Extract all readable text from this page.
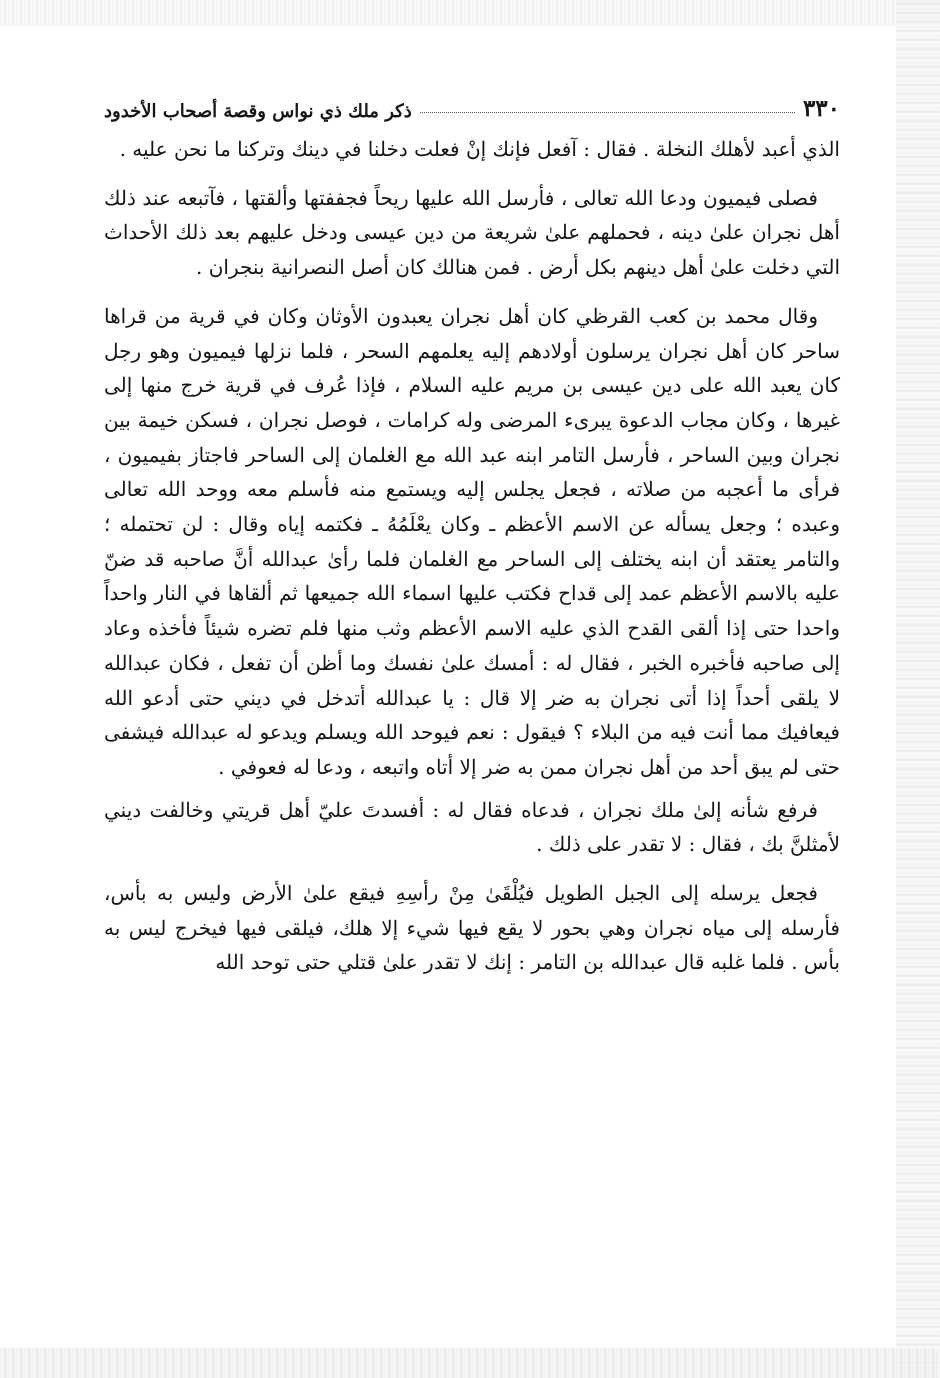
٣٣٠
ذكر ملك ذي نواس وقصة أصحاب الأخدود

الذي أعبد لأهلك النخلة . فقال : آفعل فإنك إنْ فعلت دخلنا في دينك وتركنا ما نحن عليه .

فصلى فيميون ودعا الله تعالى ، فأرسل الله عليها ريحاً فجففتها وألقتها ، فآتبعه عند ذلك أهل نجران علىٰ دينه ، فحملهم علىٰ شريعة من دين عيسى ودخل عليهم بعد ذلك الأحداث التي دخلت علىٰ أهل دينهم بكل أرض . فمن هنالك كان أصل النصرانية بنجران .

وقال محمد بن كعب القرظي كان أهل نجران يعبدون الأوثان وكان في قرية من قراها ساحر كان أهل نجران يرسلون أولادهم إليه يعلمهم السحر ، فلما نزلها فيميون وهو رجل كان يعبد الله على دين عيسى بن مريم عليه السلام ، فإذا عُرف في قرية خرج منها إلى غيرها ، وكان مجاب الدعوة يبرىء المرضى وله كرامات ، فوصل نجران ، فسكن خيمة بين نجران وبين الساحر ، فأرسل التامر ابنه عبد الله مع الغلمان إلى الساحر فاجتاز بفيميون ، فرأى ما أعجبه من صلاته ، فجعل يجلس إليه ويستمع منه فأسلم معه ووحد الله تعالى وعبده ؛ وجعل يسأله عن الاسم الأعظم ـ وكان يعْلَمُهُ ـ فكتمه إياه وقال : لن تحتمله ؛ والتامر يعتقد أن ابنه يختلف إلى الساحر مع الغلمان فلما رأىٰ عبدالله أنَّ صاحبه قد ضنّ عليه بالاسم الأعظم عمد إلى قداح فكتب عليها اسماء الله جميعها ثم ألقاها في النار واحداً واحدا حتى إذا ألقى القدح الذي عليه الاسم الأعظم وثب منها فلم تضره شيئاً فأخذه وعاد إلى صاحبه فأخبره الخبر ، فقال له : أمسك علىٰ نفسك وما أظن أن تفعل ، فكان عبدالله لا يلقى أحداً إذا أتى نجران به ضر إلا قال : يا عبدالله أتدخل في ديني حتى أدعو الله فيعافيك مما أنت فيه من البلاء ؟ فيقول : نعم فيوحد الله ويسلم ويدعو له عبدالله فيشفى حتى لم يبق أحد من أهل نجران ممن به ضر إلا أتاه واتبعه ، ودعا له فعوفي .

فرفع شأنه إلىٰ ملك نجران ، فدعاه فقال له : أفسدتَ عليّ أهل قريتي وخالفت ديني لأمثلنَّ بك ، فقال : لا تقدر على ذلك .

فجعل يرسله إلى الجبل الطويل فيُلْقَىٰ مِنْ رأسِهِ فيقع علىٰ الأرض وليس به بأس، فأرسله إلى مياه نجران وهي بحور لا يقع فيها شيء إلا هلك، فيلقى فيها فيخرج ليس به بأس . فلما غلبه قال عبدالله بن التامر : إنك لا تقدر علىٰ قتلي حتى توحد الله
